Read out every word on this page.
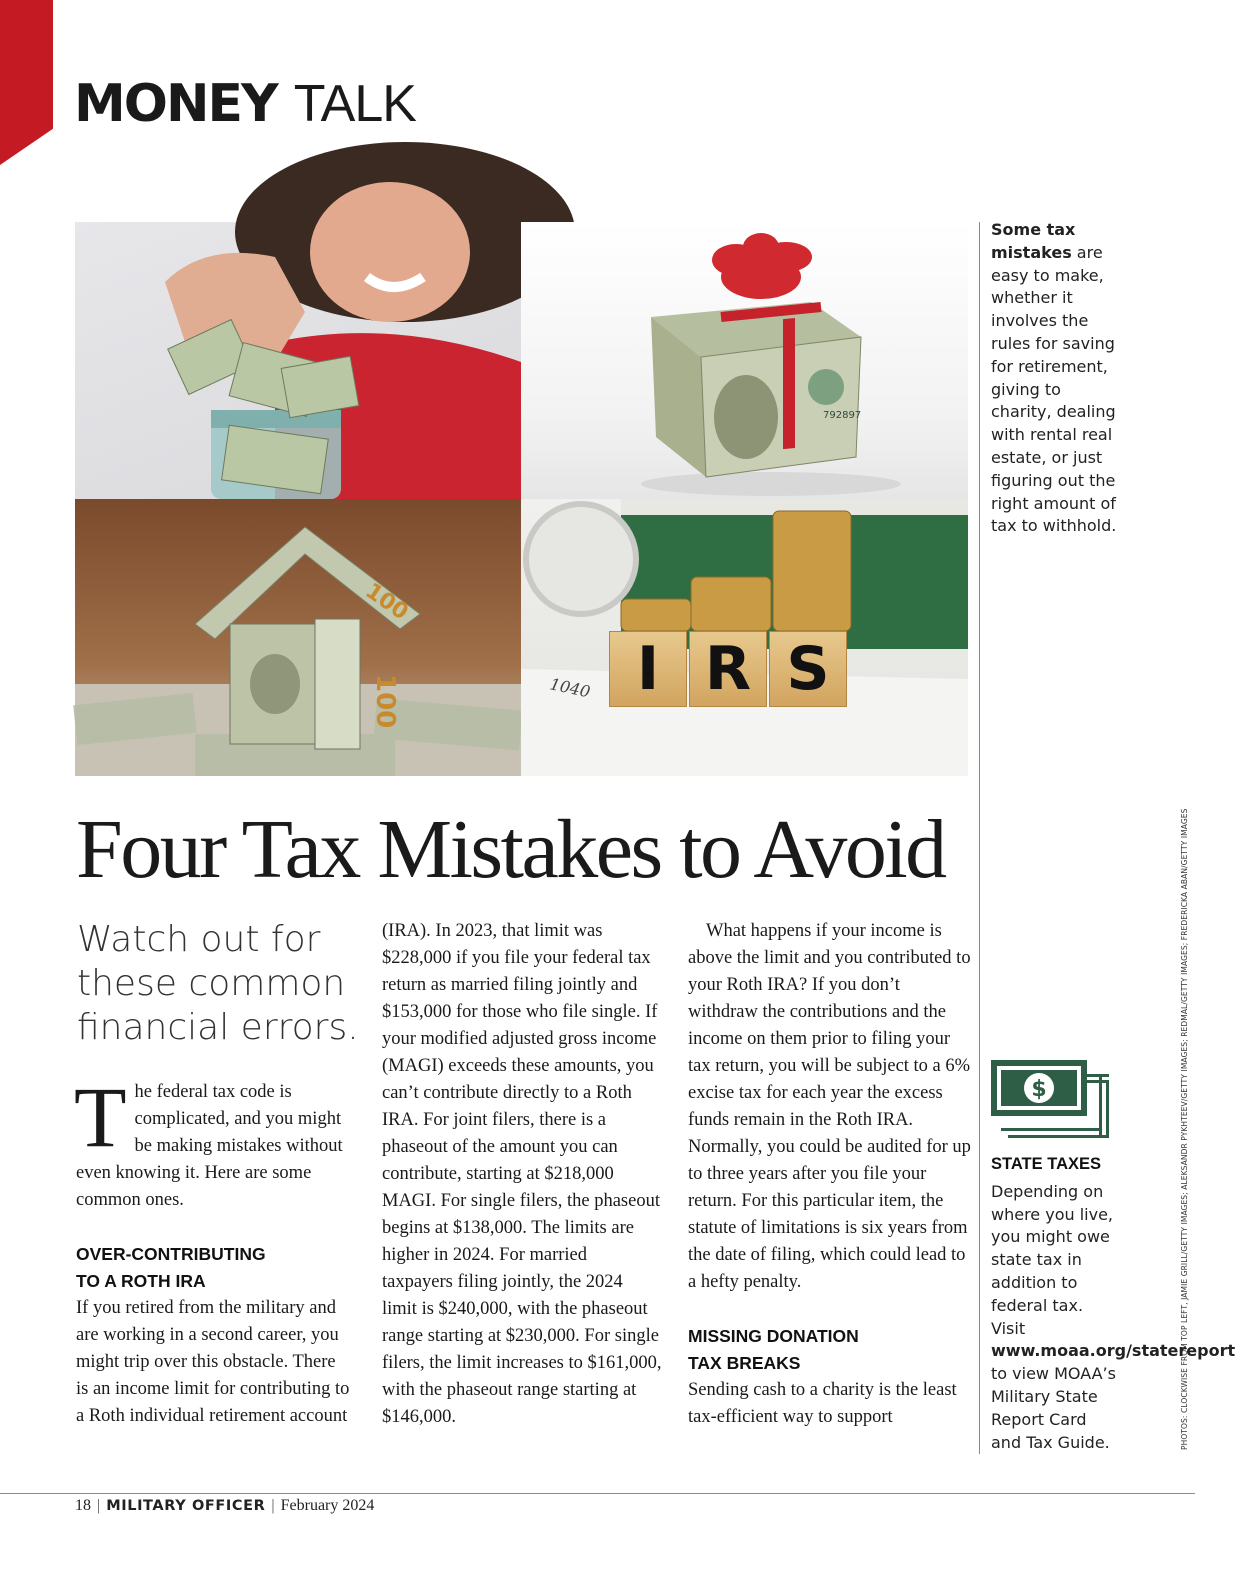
MONEY TALK
792897
100
100
1040 I R S

Some tax mistakes are easy to make, whether it involves the rules for saving for retirement, giving to charity, dealing with rental real estate, or just figuring out the right amount of tax to withhold.

PHOTOS: CLOCKWISE FROM TOP LEFT, JAMIE GRILL/GETTY IMAGES; ALEKSANDR PYKHTEEV/GETTY IMAGES; REDMAL/GETTY IMAGES; FREDERICKA ABAN/GETTY IMAGES
Four Tax Mistakes to Avoid

Watch out for these common financial errors.

The federal tax code is complicated, and you might be making mistakes without even knowing it. Here are some common ones.

OVER-CONTRIBUTING
TO A ROTH IRA

If you retired from the military and are working in a second career, you might trip over this obstacle. There is an income limit for contributing to a Roth individual retirement account

(IRA). In 2023, that limit was $228,000 if you file your federal tax return as married filing jointly and $153,000 for those who file single. If your modified adjusted gross income (MAGI) exceeds these amounts, you can’t contribute directly to a Roth IRA. For joint filers, there is a phaseout of the amount you can contribute, starting at $218,000 MAGI. For single filers, the phaseout begins at $138,000. The limits are higher in 2024. For married taxpayers filing jointly, the 2024 limit is $240,000, with the phaseout range starting at $230,000. For single filers, the limit increases to $161,000, with the phaseout range starting at $146,000.

What happens if your income is above the limit and you contributed to your Roth IRA? If you don’t withdraw the contributions and the income on them prior to filing your tax return, you will be subject to a 6% excise tax for each year the excess funds remain in the Roth IRA. Normally, you could be audited for up to three years after you file your return. For this particular item, the statute of limitations is six years from the date of filing, which could lead to a hefty penalty.

MISSING DONATION
TAX BREAKS

Sending cash to a charity is the least tax-efficient way to support

$

STATE TAXES

Depending on where you live, you might owe state tax in addition to federal tax. Visit www.moaa.org/statereport to view MOAA’s Military State Report Card and Tax Guide.

18 | MILITARY OFFICER | February 2024
